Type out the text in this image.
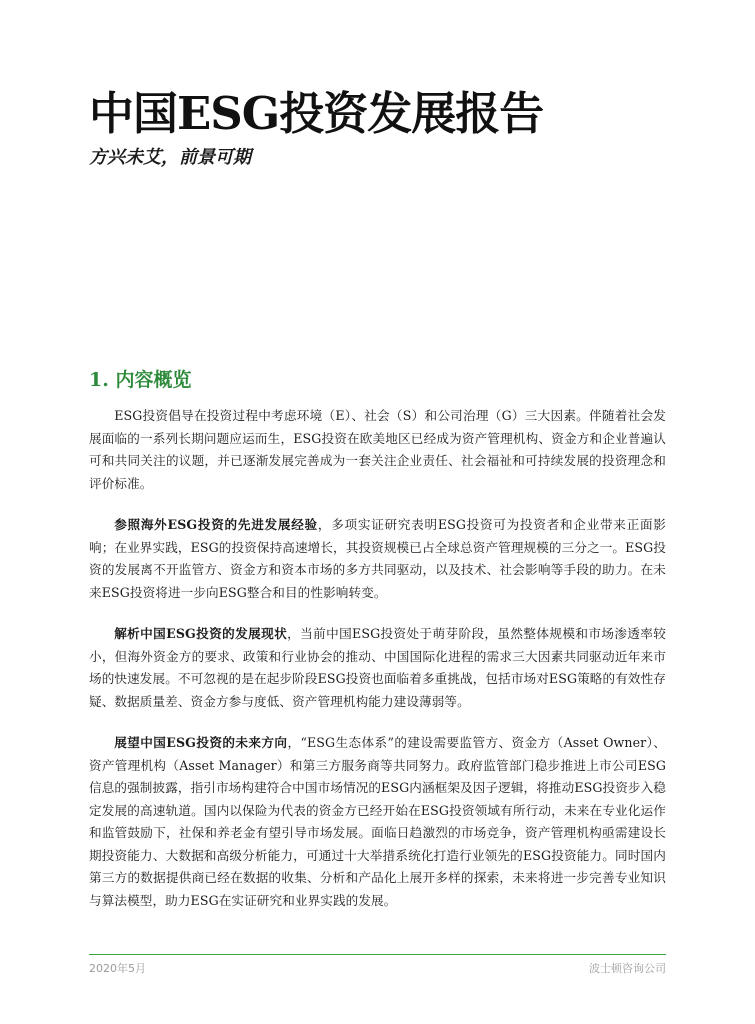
中国ESG投资发展报告
方兴未艾，前景可期
1. 内容概览

ESG投资倡导在投资过程中考虑环境（E）、社会（S）和公司治理（G）三大因素。伴随着社会发展面临的一系列长期问题应运而生，ESG投资在欧美地区已经成为资产管理机构、资金方和企业普遍认可和共同关注的议题，并已逐渐发展完善成为一套关注企业责任、社会福祉和可持续发展的投资理念和评价标准。

参照海外ESG投资的先进发展经验，多项实证研究表明ESG投资可为投资者和企业带来正面影响；在业界实践，ESG的投资保持高速增长，其投资规模已占全球总资产管理规模的三分之一。ESG投资的发展离不开监管方、资金方和资本市场的多方共同驱动，以及技术、社会影响等手段的助力。在未来ESG投资将进一步向ESG整合和目的性影响转变。

解析中国ESG投资的发展现状，当前中国ESG投资处于萌芽阶段，虽然整体规模和市场渗透率较小，但海外资金方的要求、政策和行业协会的推动、中国国际化进程的需求三大因素共同驱动近年来市场的快速发展。不可忽视的是在起步阶段ESG投资也面临着多重挑战，包括市场对ESG策略的有效性存疑、数据质量差、资金方参与度低、资产管理机构能力建设薄弱等。

展望中国ESG投资的未来方向，“ESG生态体系”的建设需要监管方、资金方（Asset Owner）、资产管理机构（Asset Manager）和第三方服务商等共同努力。政府监管部门稳步推进上市公司ESG信息的强制披露，指引市场构建符合中国市场情况的ESG内涵框架及因子逻辑，将推动ESG投资步入稳定发展的高速轨道。国内以保险为代表的资金方已经开始在ESG投资领域有所行动，未来在专业化运作和监管鼓励下，社保和养老金有望引导市场发展。面临日趋激烈的市场竞争，资产管理机构亟需建设长期投资能力、大数据和高级分析能力，可通过十大举措系统化打造行业领先的ESG投资能力。同时国内第三方的数据提供商已经在数据的收集、分析和产品化上展开多样的探索，未来将进一步完善专业知识与算法模型，助力ESG在实证研究和业界实践的发展。

2020年5月	波士顿咨询公司
